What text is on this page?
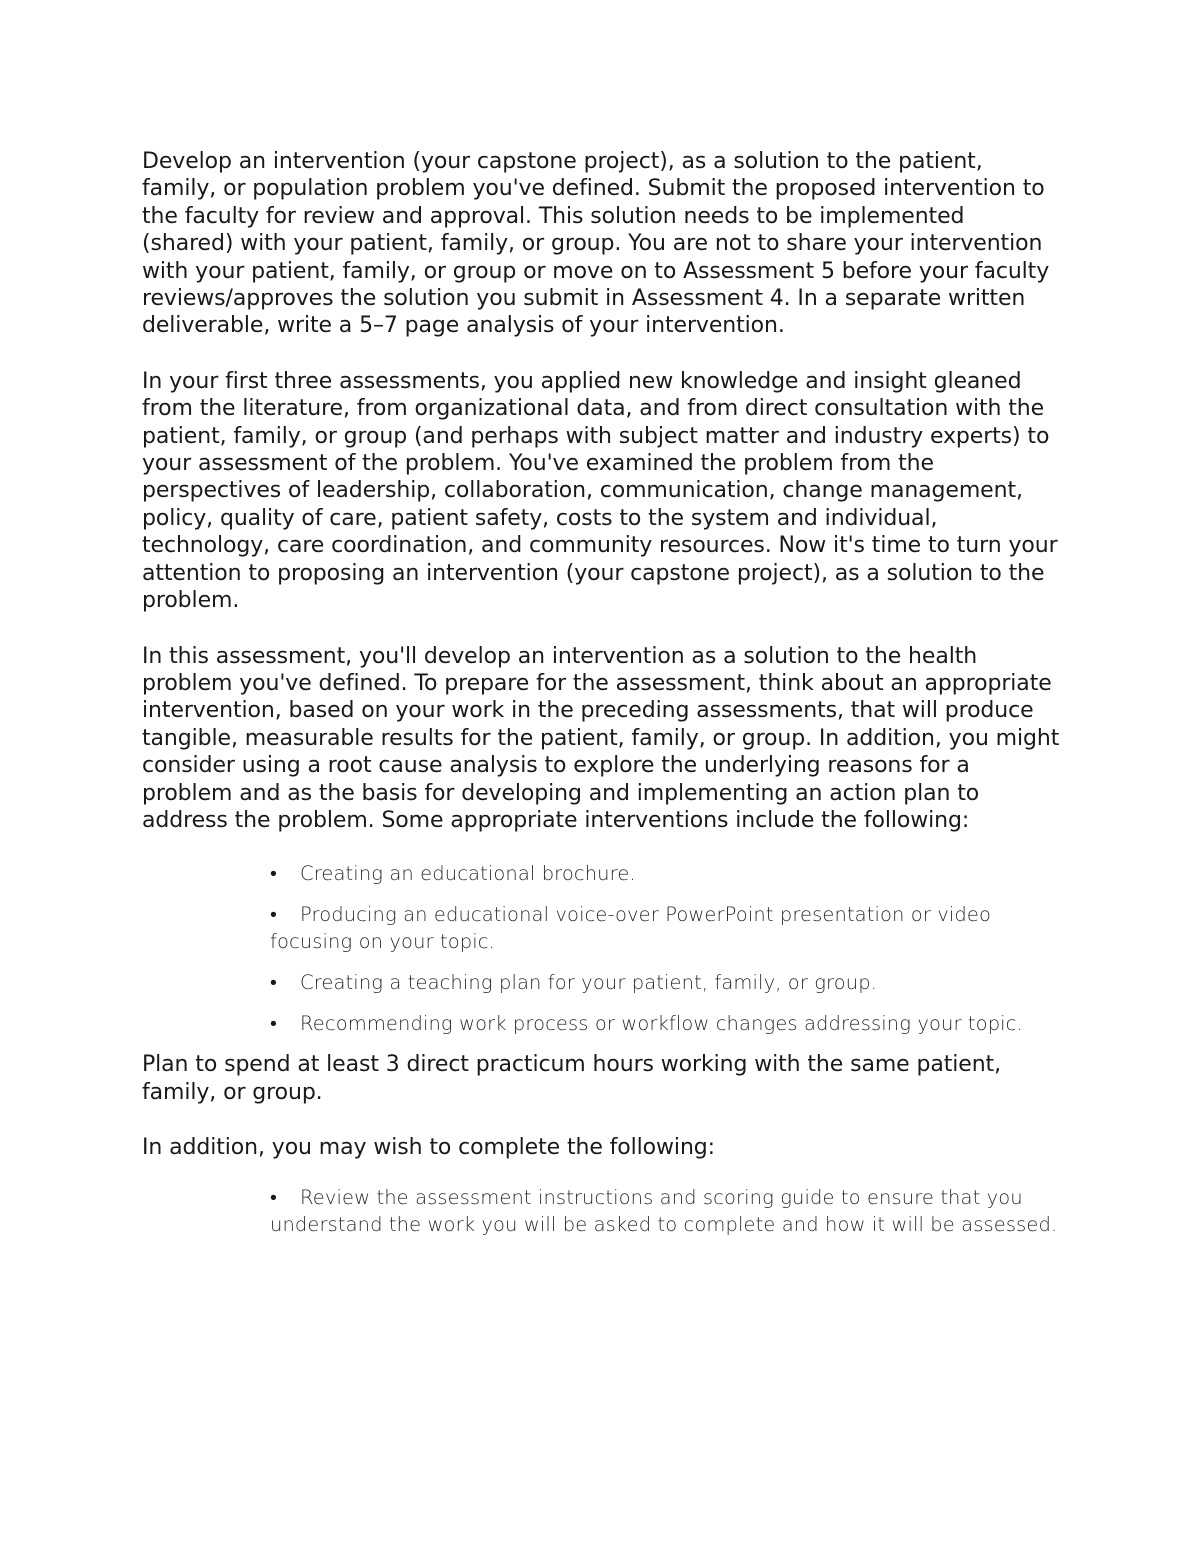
Develop an intervention (your capstone project), as a solution to the patient, family, or population problem you've defined. Submit the proposed intervention to the faculty for review and approval. This solution needs to be implemented (shared) with your patient, family, or group. You are not to share your intervention with your patient, family, or group or move on to Assessment 5 before your faculty reviews/approves the solution you submit in Assessment 4. In a separate written deliverable, write a 5–7 page analysis of your intervention.

In your first three assessments, you applied new knowledge and insight gleaned from the literature, from organizational data, and from direct consultation with the patient, family, or group (and perhaps with subject matter and industry experts) to your assessment of the problem. You've examined the problem from the perspectives of leadership, collaboration, communication, change management, policy, quality of care, patient safety, costs to the system and individual, technology, care coordination, and community resources. Now it's time to turn your attention to proposing an intervention (your capstone project), as a solution to the problem.

In this assessment, you'll develop an intervention as a solution to the health problem you've defined. To prepare for the assessment, think about an appropriate intervention, based on your work in the preceding assessments, that will produce tangible, measurable results for the patient, family, or group. In addition, you might consider using a root cause analysis to explore the underlying reasons for a problem and as the basis for developing and implementing an action plan to address the problem. Some appropriate interventions include the following:

• Creating an educational brochure.
• Producing an educational voice-over PowerPoint presentation or video focusing on your topic.
• Creating a teaching plan for your patient, family, or group.
• Recommending work process or workflow changes addressing your topic.

Plan to spend at least 3 direct practicum hours working with the same patient, family, or group.

In addition, you may wish to complete the following:

• Review the assessment instructions and scoring guide to ensure that you understand the work you will be asked to complete and how it will be assessed.
